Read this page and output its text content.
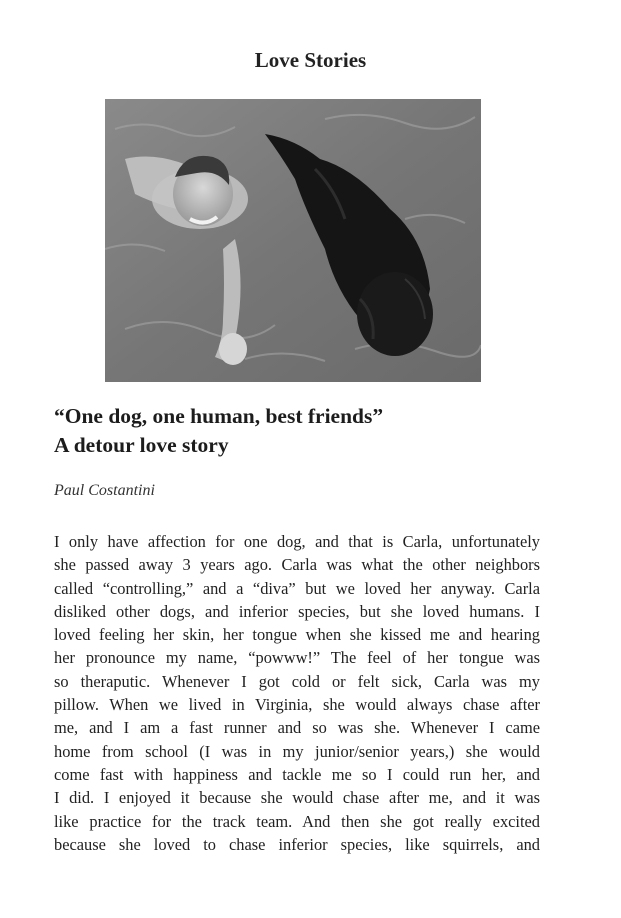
Love Stories
“One dog, one human, best friends”
A detour love story
Paul Costantini
I only have affection for one dog, and that is Carla, unfortunately
she passed away 3 years ago. Carla was what the other neighbors
called “controlling,” and a “diva” but we loved her anyway. Carla
disliked other dogs, and inferior species, but she loved humans. I
loved feeling her skin, her tongue when she kissed me and hearing
her pronounce my name, “powww!” The feel of her tongue was
so theraputic. Whenever I got cold or felt sick, Carla was my
pillow. When we lived in Virginia, she would always chase after
me, and I am a fast runner and so was she. Whenever I came
home from school (I was in my junior/senior years,) she would
come fast with happiness and tackle me so I could run her, and
I did. I enjoyed it because she would chase after me, and it was
like practice for the track team. And then she got really excited
because she loved to chase inferior species, like squirrels, and
